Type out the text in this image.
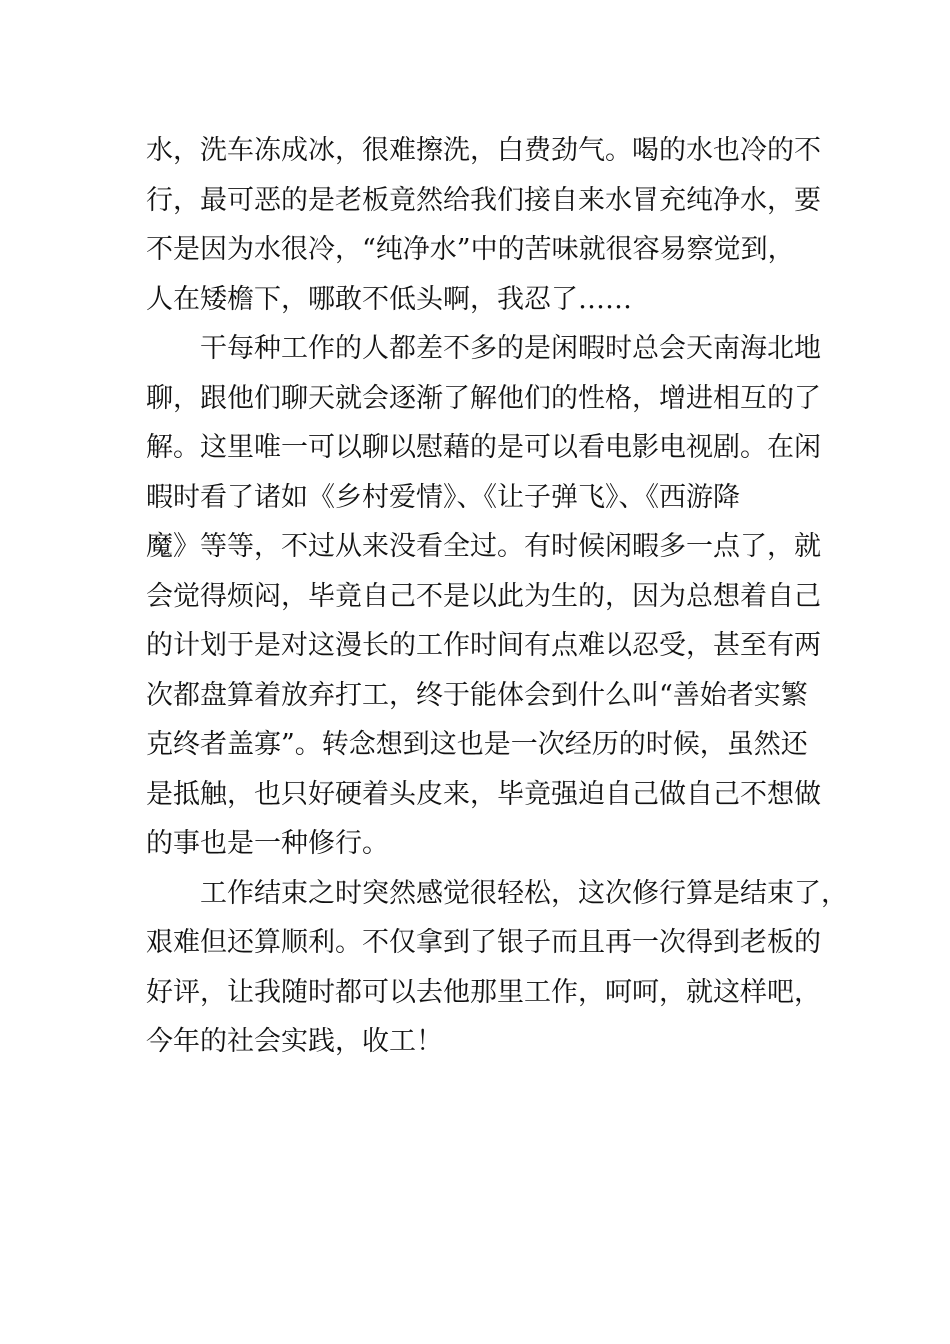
水，洗车冻成冰，很难擦洗，白费劲气。喝的水也冷的不
行，最可恶的是老板竟然给我们接自来水冒充纯净水，要
不是因为水很冷，“纯净水”中的苦味就很容易察觉到，
人在矮檐下，哪敢不低头啊，我忍了……
干每种工作的人都差不多的是闲暇时总会天南海北地
聊，跟他们聊天就会逐渐了解他们的性格，增进相互的了
解。这里唯一可以聊以慰藉的是可以看电影电视剧。在闲
暇时看了诸如《乡村爱情》、《让子弹飞》、《西游降
魔》等等，不过从来没看全过。有时候闲暇多一点了，就
会觉得烦闷，毕竟自己不是以此为生的，因为总想着自己
的计划于是对这漫长的工作时间有点难以忍受，甚至有两
次都盘算着放弃打工，终于能体会到什么叫“善始者实繁
克终者盖寡”。转念想到这也是一次经历的时候，虽然还
是抵触，也只好硬着头皮来，毕竟强迫自己做自己不想做
的事也是一种修行。
工作结束之时突然感觉很轻松，这次修行算是结束了，
艰难但还算顺利。不仅拿到了银子而且再一次得到老板的
好评，让我随时都可以去他那里工作，呵呵，就这样吧，
今年的社会实践，收工！
